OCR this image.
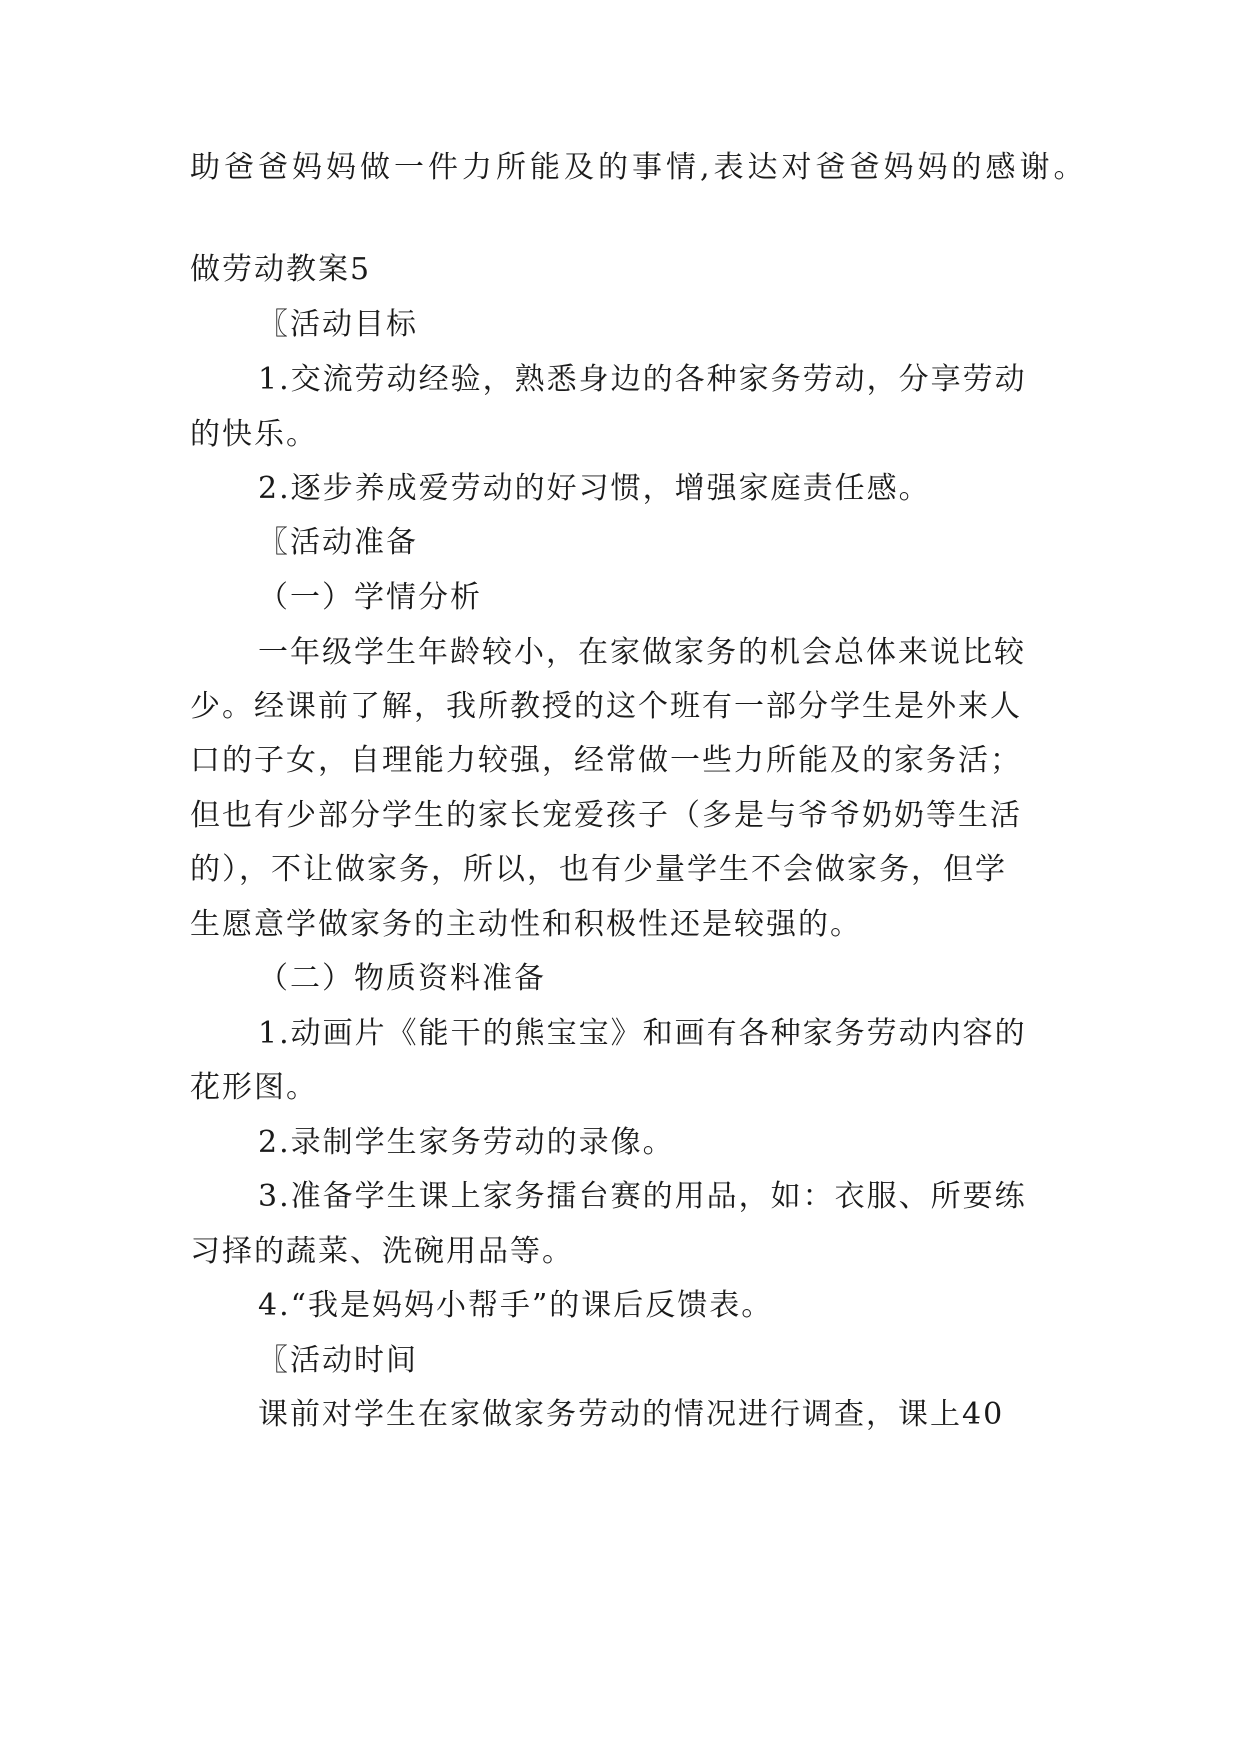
助爸爸妈妈做一件力所能及的事情,表达对爸爸妈妈的感谢。

做劳动教案5

〖活动目标

1.交流劳动经验，熟悉身边的各种家务劳动，分享劳动

的快乐。

2.逐步养成爱劳动的好习惯，增强家庭责任感。

〖活动准备

（一）学情分析

一年级学生年龄较小，在家做家务的机会总体来说比较

少。经课前了解，我所教授的这个班有一部分学生是外来人

口的子女，自理能力较强，经常做一些力所能及的家务活；

但也有少部分学生的家长宠爱孩子（多是与爷爷奶奶等生活

的），不让做家务，所以，也有少量学生不会做家务，但学

生愿意学做家务的主动性和积极性还是较强的。

（二）物质资料准备

1.动画片《能干的熊宝宝》和画有各种家务劳动内容的

花形图。

2.录制学生家务劳动的录像。

3.准备学生课上家务擂台赛的用品，如：衣服、所要练

习择的蔬菜、洗碗用品等。

4.“我是妈妈小帮手”的课后反馈表。

〖活动时间

课前对学生在家做家务劳动的情况进行调查，课上40
